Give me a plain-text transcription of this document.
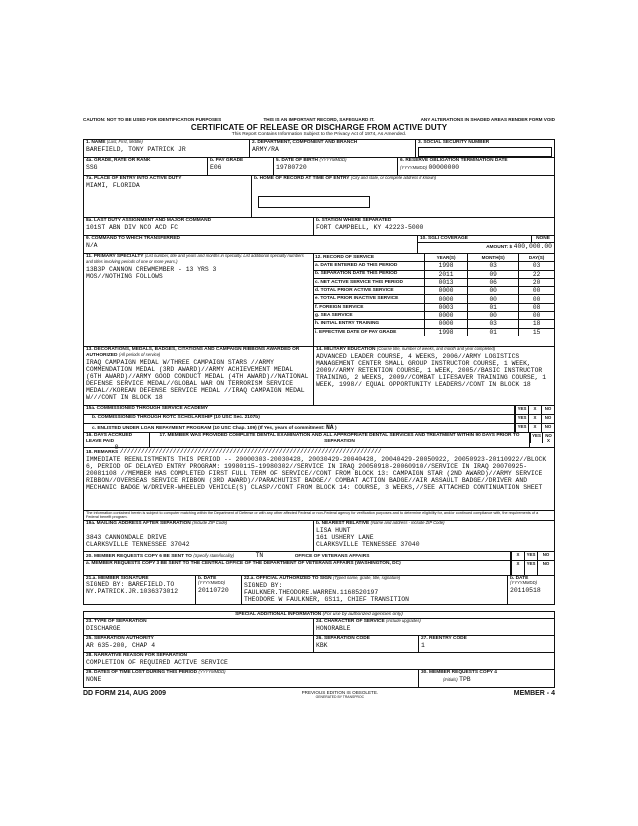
CAUTION: NOT TO BE USED FOR IDENTIFICATION PURPOSES	THIS IS AN IMPORTANT RECORD, SAFEGUARD IT.	ANY ALTERATIONS IN SHADED AREAS RENDER FORM VOID
CERTIFICATE OF RELEASE OR DISCHARGE FROM ACTIVE DUTY
This Report Contains Information Subject to the Privacy Act of 1974, As Amended.
1. NAME (Last, First, Middle)
BAREFIELD, TONY PATRICK JR
2. DEPARTMENT, COMPONENT AND BRANCH
ARMY/RA
3. SOCIAL SECURITY NUMBER
4a. GRADE, RATE OR RANK
SSG
b. PAY GRADE
E06
5. DATE OF BIRTH (YYYYMMDD)
19780720
6. RESERVE OBLIGATION TERMINATION DATE
(YYYYMMDD) 00000000
7a. PLACE OF ENTRY INTO ACTIVE DUTY
MIAMI, FLORIDA
b. HOME OF RECORD AT TIME OF ENTRY (City and state, or complete address if known)
8a. LAST DUTY ASSIGNMENT AND MAJOR COMMAND
101ST ABN DIV NCO ACD FC
b. STATION WHERE SEPARATED
FORT CAMPBELL, KY 42223-5000
9. COMMAND TO WHICH TRANSFERRED
N/A
10. SGLI COVERAGE	NONE
AMOUNT: $ 400,000.00
11. PRIMARY SPECIALTY (List number, title and years and months in specialty. List additional specialty numbers and titles involving periods of one or more years.)
13B3P CANNON CREWMEMBER - 13 YRS 3 MOS//NOTHING FOLLOWS
12. RECORD OF SERVICE	YEAR(S)	MONTH(S)	DAY(S)
a. DATE ENTERED AD THIS PERIOD	1998	03	03
b. SEPARATION DATE THIS PERIOD	2011	09	22
c. NET ACTIVE SERVICE THIS PERIOD	0013	06	20
d. TOTAL PRIOR ACTIVE SERVICE	0000	00	00
e. TOTAL PRIOR INACTIVE SERVICE	0000	00	00
f. FOREIGN SERVICE	0003	01	08
g. SEA SERVICE	0000	00	00
h. INITIAL ENTRY TRAINING	0000	03	18
i. EFFECTIVE DATE OF PAY GRADE	1998	01	15
13. DECORATIONS, MEDALS, BADGES, CITATIONS AND CAMPAIGN RIBBONS AWARDED OR AUTHORIZED (All periods of service)
IRAQ CAMPAIGN MEDAL W/THREE CAMPAIGN STARS //ARMY COMMENDATION MEDAL (3RD AWARD)//ARMY ACHIEVEMENT MEDAL (6TH AWARD)//ARMY GOOD CONDUCT MEDAL (4TH AWARD)//NATIONAL DEFENSE SERVICE MEDAL//GLOBAL WAR ON TERRORISM SERVICE MEDAL//KOREAN DEFENSE SERVICE MEDAL //IRAQ CAMPAIGN MEDAL W///CONT IN BLOCK 18
14. MILITARY EDUCATION (Course title, number of weeks, and month and year completed)
ADVANCED LEADER COURSE, 4 WEEKS, 2006//ARMY LOGISTICS MANAGEMENT CENTER SMALL GROUP INSTRUCTOR COURSE, 1 WEEK, 2009//ARMY RETENTION COURSE, 1 WEEK, 2005//BASIC INSTRUCTOR TRAINING, 2 WEEKS, 2009//COMBAT LIFESAVER TRAINING COURSE, 1 WEEK, 1998// EQUAL OPPORTUNITY LEADERS//CONT IN BLOCK 18
15a. COMMISSIONED THROUGH SERVICE ACADEMY	YES	X	NO
b. COMMISSIONED THROUGH ROTC SCHOLARSHIP (10 USC Sec. 2107b)	YES	X	NO
c. ENLISTED UNDER LOAN REPAYMENT PROGRAM (10 USC Chap. 109) (If Yes, years of commitment: NA )	YES	X	NO
16. DAYS ACCRUED LEAVE PAID
0
17. MEMBER WAS PROVIDED COMPLETE DENTAL EXAMINATION AND ALL APPROPRIATE DENTAL SERVICES AND TREATMENT WITHIN 90 DAYS PRIOR TO SEPARATION
YES NO
X
18. REMARKS //////////////////////////////////////////////////////////////////////////
IMMEDIATE REENLISTMENTS THIS PERIOD -- 20000303-20030428, 20030429-20040428, 20040429-20050922, 20050923-20110922//BLOCK 6, PERIOD OF DELAYED ENTRY PROGRAM: 19980115-19980302//SERVICE IN IRAQ 20050918-20060910//SERVICE IN IRAQ 20070925-20081108 //MEMBER HAS COMPLETED FIRST FULL TERM OF SERVICE//CONT FROM BLOCK 13: CAMPAIGN STAR (2ND AWARD)//ARMY SERVICE RIBBON//OVERSEAS SERVICE RIBBON (3RD AWARD)//PARACHUTIST BADGE// COMBAT ACTION BADGE//AIR ASSAULT BADGE//DRIVER AND MECHANIC BADGE W/DRIVER-WHEELED VEHICLE(S) CLASP//CONT FROM BLOCK 14: COURSE, 3 WEEKS,//SEE ATTACHED CONTINUATION SHEET
The information contained herein is subject to computer matching within the Department of Defense or with any other affected Federal or non-Federal agency for verification purposes and to determine eligibility for, and/or continued compliance with, the requirements of a Federal benefit program.
19a. MAILING ADDRESS AFTER SEPARATION (Include ZIP Code)
3843 CANNONDALE DRIVE
CLARKSVILLE TENNESSEE 37042
b. NEAREST RELATIVE (Name and address - include ZIP Code)
LISA HUNT
161 USHERY LANE
CLARKSVILLE TENNESSEE 37040
20. MEMBER REQUESTS COPY 6 BE SENT TO (Specify state/locality)	TN	OFFICE OF VETERANS AFFAIRS	X	YES	NO
a. MEMBER REQUESTS COPY 3 BE SENT TO THE CENTRAL OFFICE OF THE DEPARTMENT OF VETERANS AFFAIRS (WASHINGTON, DC)	X	YES	NO
21.a. MEMBER SIGNATURE
SIGNED BY: BAREFIELD.TO NY.PATRICK.JR.1036373012
b. DATE
(YYYYMMDD)
20110720
22.a. OFFICIAL AUTHORIZED TO SIGN (Typed name, grade, title, signature)
SIGNED BY:
FAULKNER.THEODORE.WARREN.1168520197
THEODORE W FAULKNER, GS11, CHIEF TRANSITION
b. DATE
(YYYYMMDD)
20110518
SPECIAL ADDITIONAL INFORMATION (For use by authorized agencies only)
23. TYPE OF SEPARATION
DISCHARGE
24. CHARACTER OF SERVICE (include upgrades)
HONORABLE
25. SEPARATION AUTHORITY
AR 635-200, CHAP 4
26. SEPARATION CODE
KBK
27. REENTRY CODE
1
28. NARRATIVE REASON FOR SEPARATION
COMPLETION OF REQUIRED ACTIVE SERVICE
29. DATES OF TIME LOST DURING THIS PERIOD (YYYYMMDD)
NONE
30. MEMBER REQUESTS COPY 4
(Initials) TPB
DD FORM 214, AUG 2009	PREVIOUS EDITION IS OBSOLETE.
GENERATED BY TRANSPROC	MEMBER - 4
